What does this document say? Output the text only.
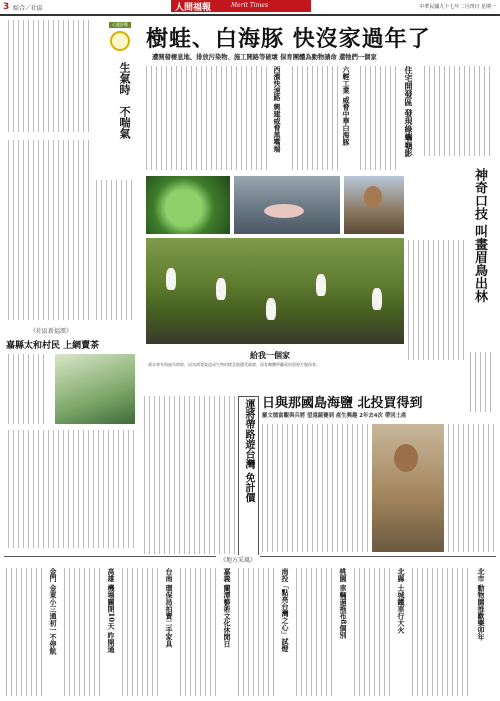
3 綜合／社區	人間福報	Merit Times	中華民國九十七年二月四日 星期一
心靈舒壓
生氣時　不喘氣
《社區新福頌》
嘉縣太和村民 上網賣茶
樹蛙、白海豚 快沒家過年了
遭開發棲息地、排放污染物、施工開路等破壞 保育團體為動物請命 還牠們一個家
西濱快速路 興建威脅黑嘴端	六輕工業 威脅中華白海豚	住宅開發區 發現綠蠵龜影
神奇口技 叫畫眉鳥出林
給我一個家
歲末寒冬與過年時節，因為開發案造成生物的棲息地遭受破壞，保育團體呼籲政府重視生態保育。
運將帶路遊台灣 免計價 日與那國島海鹽 北投買得到
羅文德富觀與兵將 望遠鏡賽到 產生興趣 2年去4次 帶回土產
《地方采風》
金門 金東小三通初一不停航	高雄 機場關閉10天 昨開通	台南 環保局拍賣二手家具	嘉義 蘭潭藝術文化休閒日	南投「點亮台灣之心」試燈	桃園 車輛逼拖布8個別	北縣 土城鐵車行大火	北市 動物園推歡樂卯年
